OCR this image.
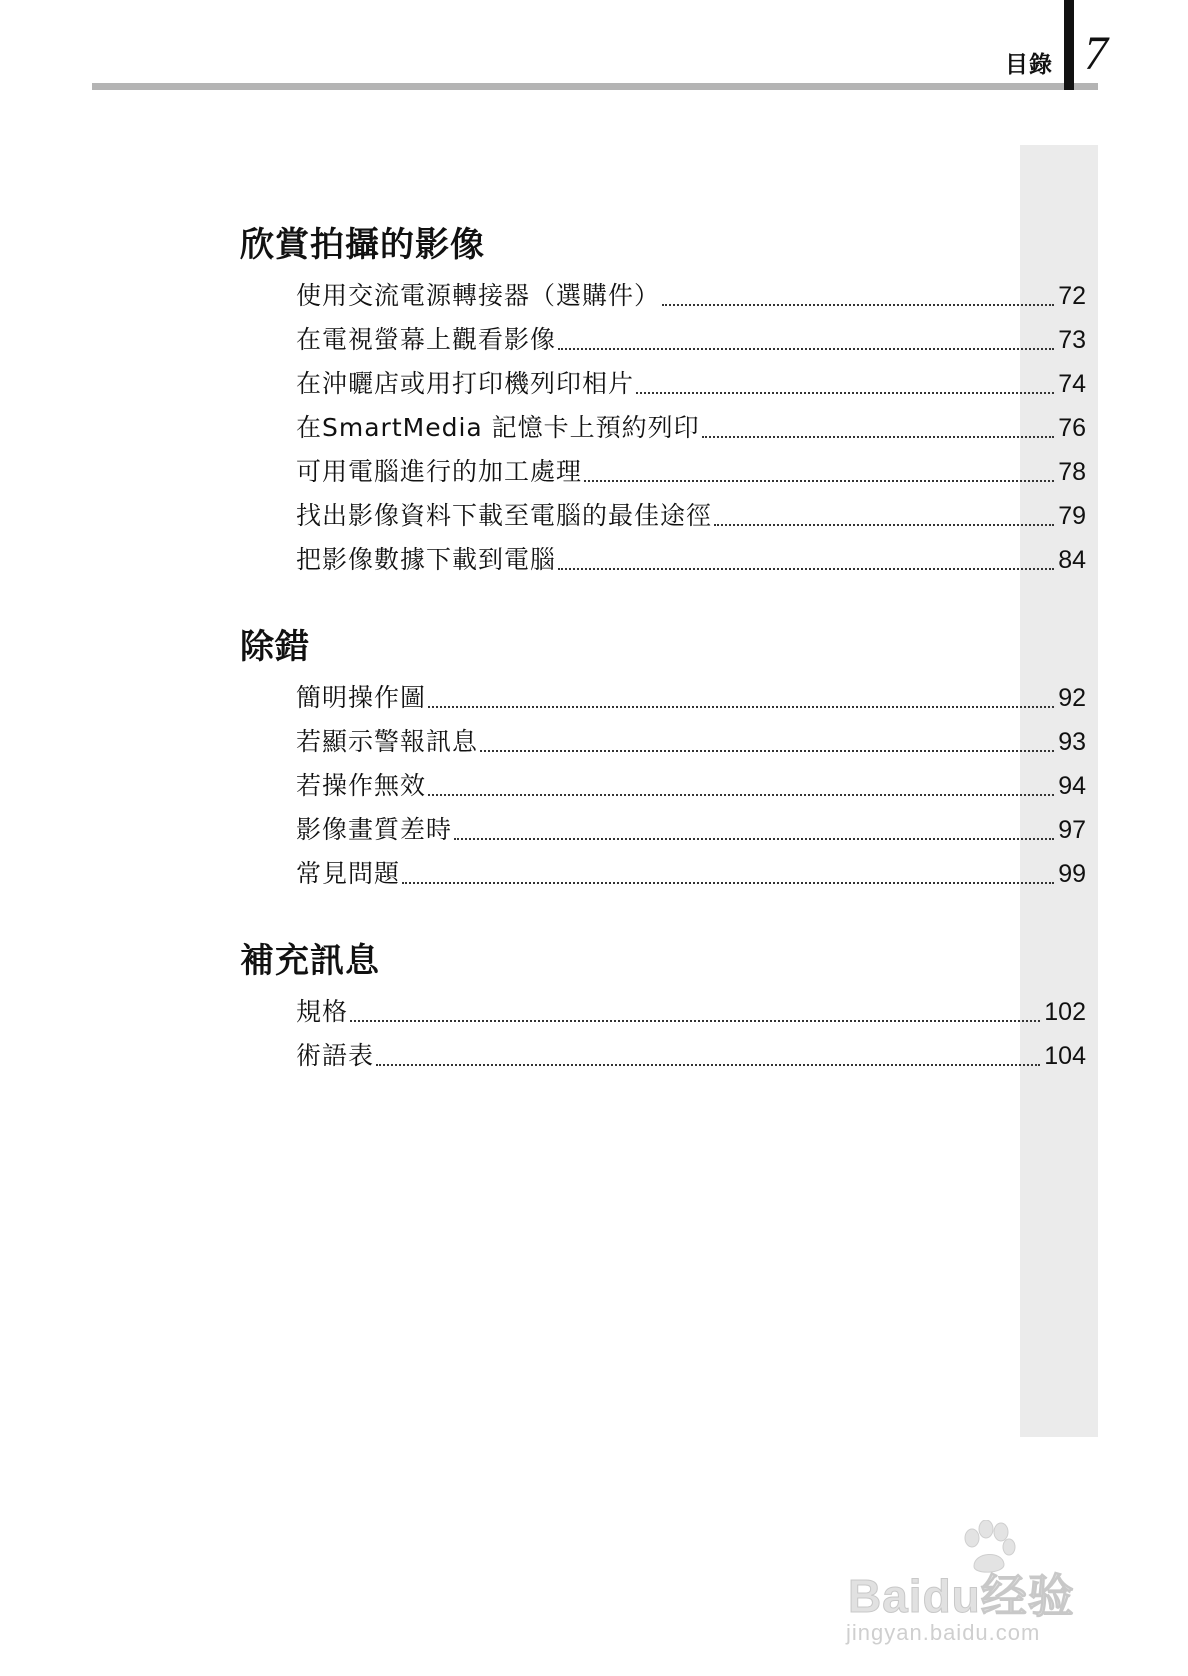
目錄 7
欣賞拍攝的影像
使用交流電源轉接器（選購件）	72
在電視螢幕上觀看影像	73
在沖曬店或用打印機列印相片	74
在SmartMedia 記憶卡上預約列印	76
可用電腦進行的加工處理	78
找出影像資料下載至電腦的最佳途徑	79
把影像數據下載到電腦	84
除錯
簡明操作圖	92
若顯示警報訊息	93
若操作無效	94
影像畫質差時	97
常見問題	99
補充訊息
規格	102
術語表	104
Baidu经验
jingyan.baidu.com
